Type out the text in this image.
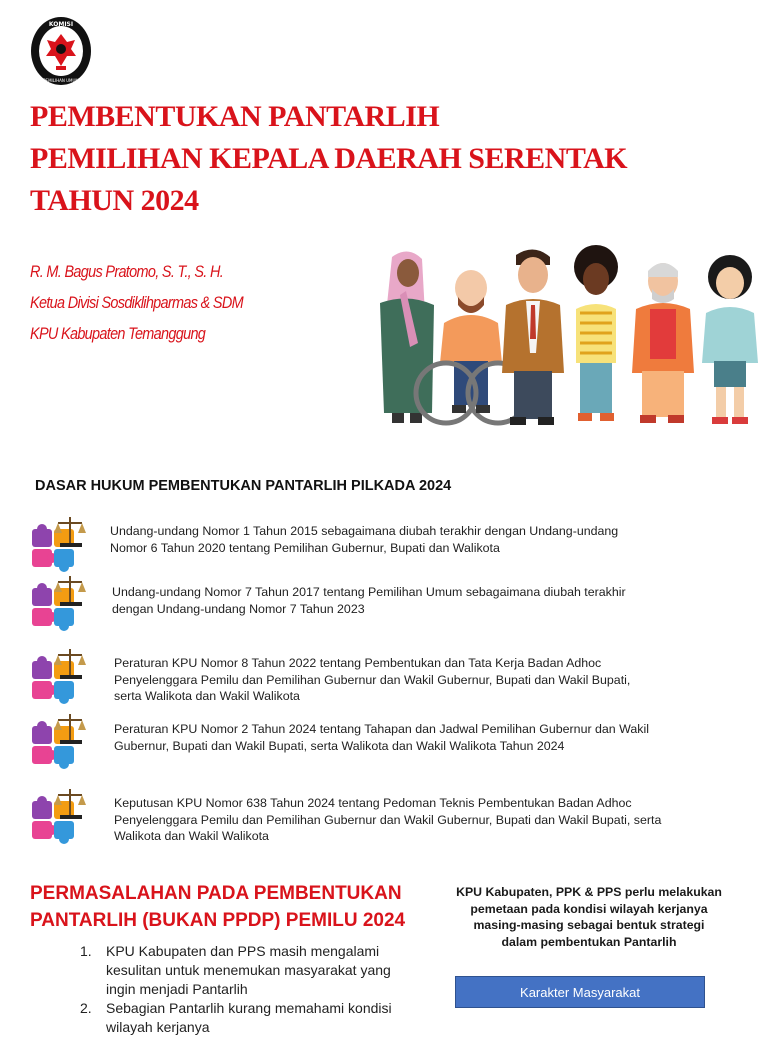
KOMISI
PEMILIHAN UMUM
PEMBENTUKAN PANTARLIH
PEMILIHAN KEPALA DAERAH SERENTAK
TAHUN 2024
R. M. Bagus Pratomo, S. T., S. H.
Ketua Divisi Sosdiklihparmas & SDM
KPU Kabupaten Temanggung
DASAR HUKUM PEMBENTUKAN PANTARLIH PILKADA 2024
Undang-undang Nomor 1 Tahun 2015 sebagaimana diubah terakhir dengan Undang-undang
Nomor 6 Tahun 2020 tentang Pemilihan Gubernur, Bupati dan Walikota
Undang-undang Nomor 7 Tahun 2017 tentang Pemilihan Umum sebagaimana diubah terakhir
dengan Undang-undang Nomor 7 Tahun 2023
Peraturan KPU Nomor 8 Tahun 2022 tentang Pembentukan dan Tata Kerja Badan Adhoc
Penyelenggara Pemilu dan Pemilihan Gubernur dan Wakil Gubernur, Bupati dan Wakil Bupati,
serta Walikota dan Wakil Walikota
Peraturan KPU Nomor 2 Tahun 2024 tentang Tahapan dan Jadwal Pemilihan Gubernur dan Wakil
Gubernur, Bupati dan Wakil Bupati, serta Walikota dan Wakil Walikota Tahun 2024
Keputusan KPU Nomor 638 Tahun 2024 tentang Pedoman Teknis Pembentukan Badan Adhoc
Penyelenggara Pemilu dan Pemilihan Gubernur dan Wakil Gubernur, Bupati dan Wakil Bupati, serta
Walikota dan Wakil Walikota
PERMASALAHAN PADA PEMBENTUKAN
PANTARLIH (BUKAN PPDP) PEMILU 2024
1. KPU Kabupaten dan PPS masih mengalami kesulitan untuk menemukan masyarakat yang ingin menjadi Pantarlih
2. Sebagian Pantarlih kurang memahami kondisi wilayah kerjanya
KPU Kabupaten, PPK & PPS perlu melakukan
pemetaan pada kondisi wilayah kerjanya
masing-masing sebagai bentuk strategi
dalam pembentukan Pantarlih
Karakter Masyarakat
